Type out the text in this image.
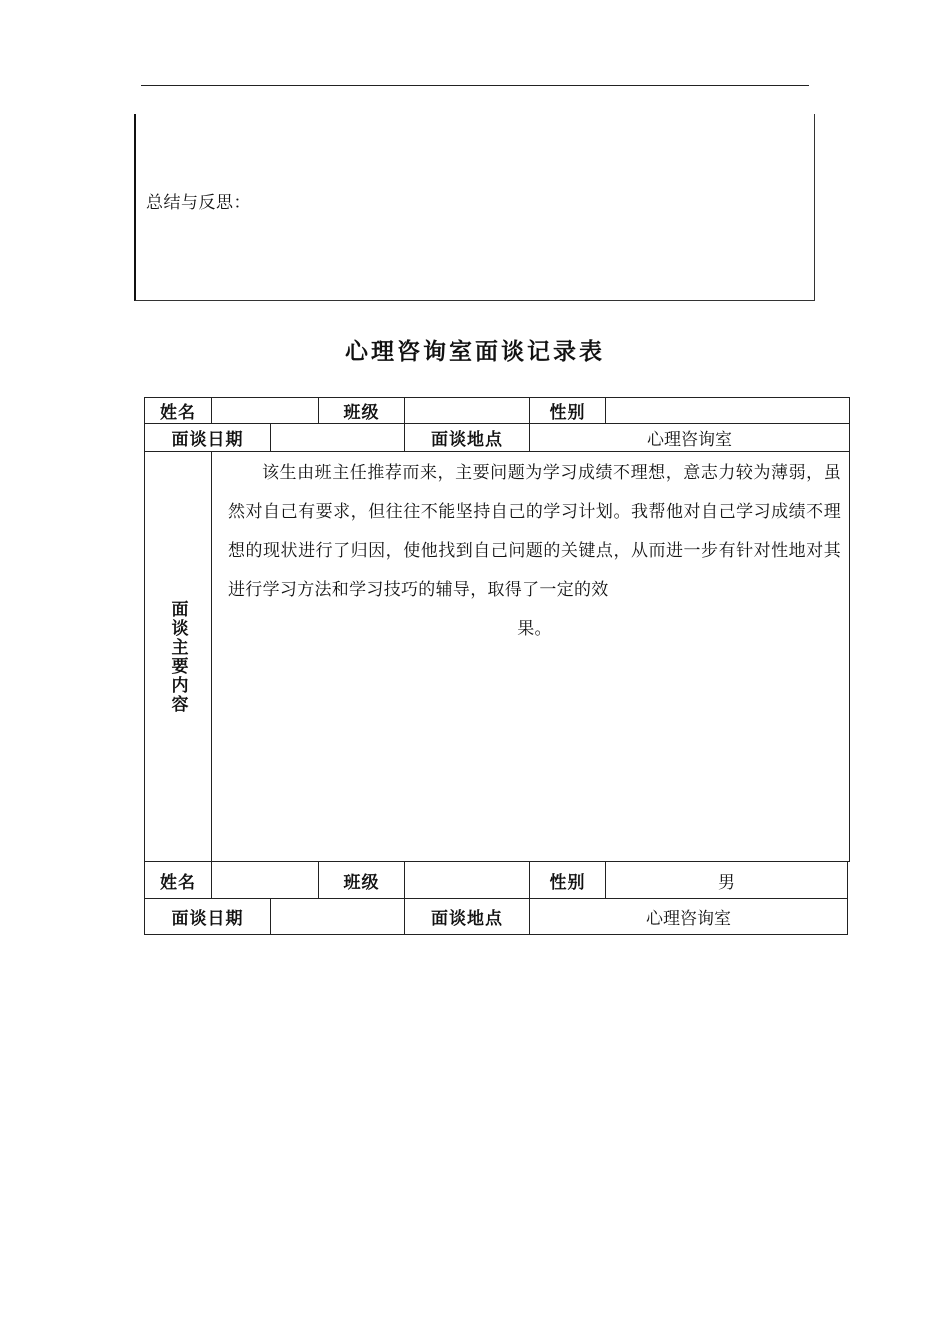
总结与反思：
心理咨询室面谈记录表
姓名	班级	性别
面谈日期	面谈地点	心理咨询室
面谈主要内容
该生由班主任推荐而来，主要问题为学习成绩不理想，意志力较为薄弱，虽然对自己有要求，但往往不能坚持自己的学习计划。我帮他对自己学习成绩不理想的现状进行了归因，使他找到自己问题的关键点，从而进一步有针对性地对其进行学习方法和学习技巧的辅导，取得了一定的效
果。
姓名	班级	性别	男
面谈日期	面谈地点	心理咨询室
